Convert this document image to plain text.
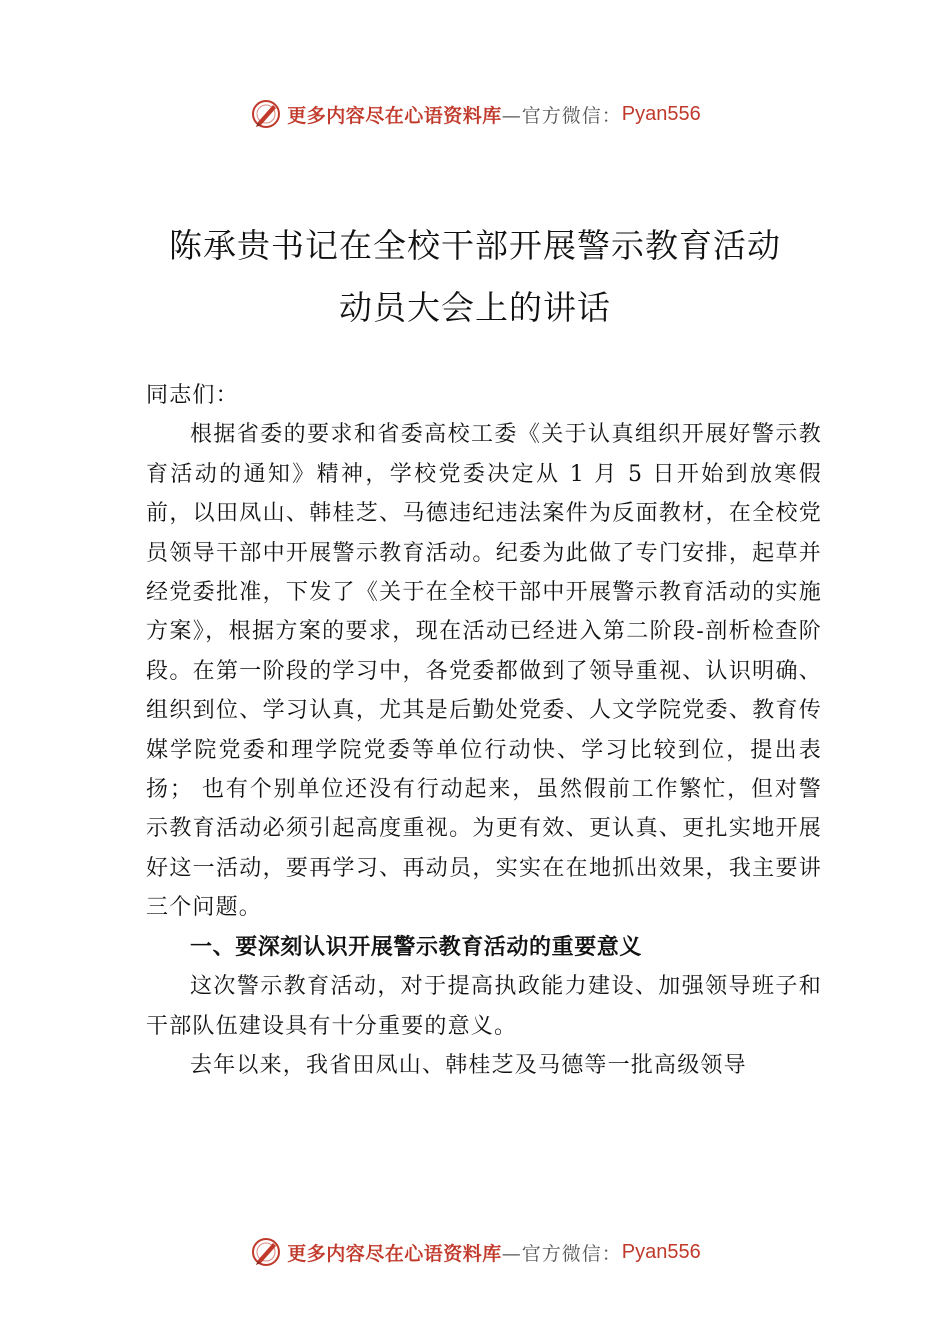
更多内容尽在心语资料库 —官方微信： Pyan556
陈承贵书记在全校干部开展警示教育活动
动员大会上的讲话

同志们：

根据省委的要求和省委高校工委《关于认真组织开展好警示教育活动的通知》精神，学校党委决定从 1 月 5 日开始到放寒假前，以田凤山、韩桂芝、马德违纪违法案件为反面教材，在全校党员领导干部中开展警示教育活动。纪委为此做了专门安排，起草并经党委批准，下发了《关于在全校干部中开展警示教育活动的实施方案》，根据方案的要求，现在活动已经进入第二阶段-剖析检查阶段。在第一阶段的学习中，各党委都做到了领导重视、认识明确、组织到位、学习认真，尤其是后勤处党委、人文学院党委、教育传媒学院党委和理学院党委等单位行动快、学习比较到位，提出表扬； 也有个别单位还没有行动起来，虽然假前工作繁忙，但对警示教育活动必须引起高度重视。为更有效、更认真、更扎实地开展好这一活动，要再学习、再动员，实实在在地抓出效果，我主要讲三个问题。

一、要深刻认识开展警示教育活动的重要意义

这次警示教育活动，对于提高执政能力建设、加强领导班子和干部队伍建设具有十分重要的意义。

去年以来，我省田凤山、韩桂芝及马德等一批高级领导

更多内容尽在心语资料库 —官方微信： Pyan556
